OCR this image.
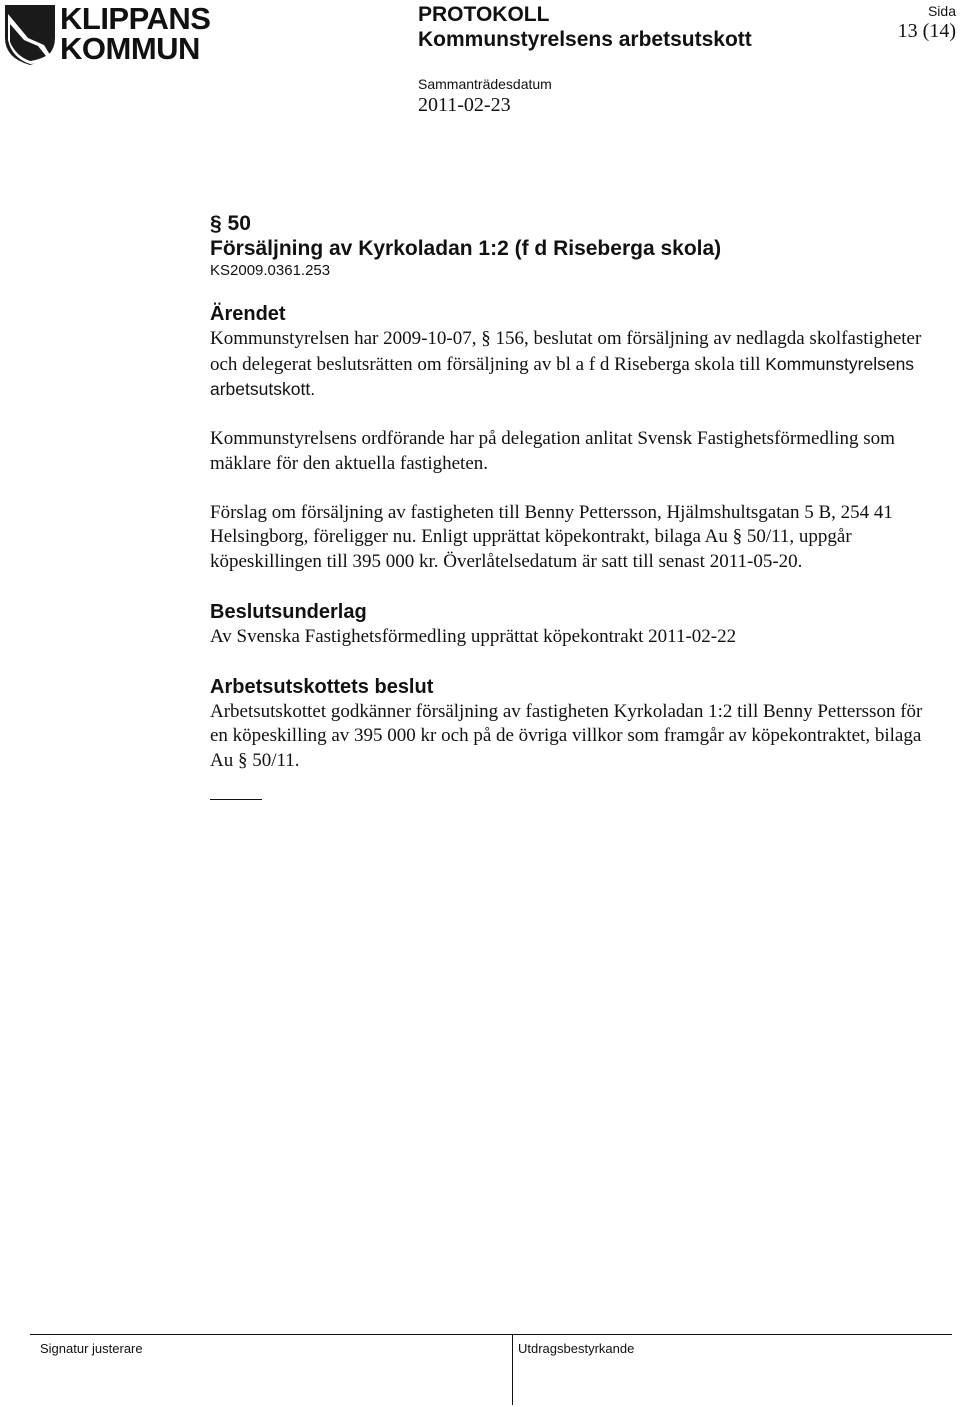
KLIPPANS
KOMMUN
PROTOKOLL
Kommunstyrelsens arbetsutskott
Sammanträdesdatum
2011-02-23
Sida
13 (14)
§ 50
Försäljning av Kyrkoladan 1:2 (f d Riseberga skola)
KS2009.0361.253
Ärendet

Kommunstyrelsen har 2009-10-07, § 156, beslutat om försäljning av nedlagda skolfastigheter och delegerat beslutsrätten om försäljning av bl a f d Riseberga skola till Kommunstyrelsens arbetsutskott.

Kommunstyrelsens ordförande har på delegation anlitat Svensk Fastighetsförmedling som mäklare för den aktuella fastigheten.

Förslag om försäljning av fastigheten till Benny Pettersson, Hjälmshultsgatan 5 B, 254 41 Helsingborg, föreligger nu. Enligt upprättat köpekontrakt, bilaga Au § 50/11, uppgår köpeskillingen till 395 000 kr. Överlåtelsedatum är satt till senast 2011-05-20.

Beslutsunderlag

Av Svenska Fastighetsförmedling upprättat köpekontrakt 2011-02-22

Arbetsutskottets beslut

Arbetsutskottet godkänner försäljning av fastigheten Kyrkoladan 1:2 till Benny Pettersson för en köpeskilling av 395 000 kr och på de övriga villkor som framgår av köpekontraktet, bilaga Au § 50/11.

Signatur justerare	Utdragsbestyrkande
